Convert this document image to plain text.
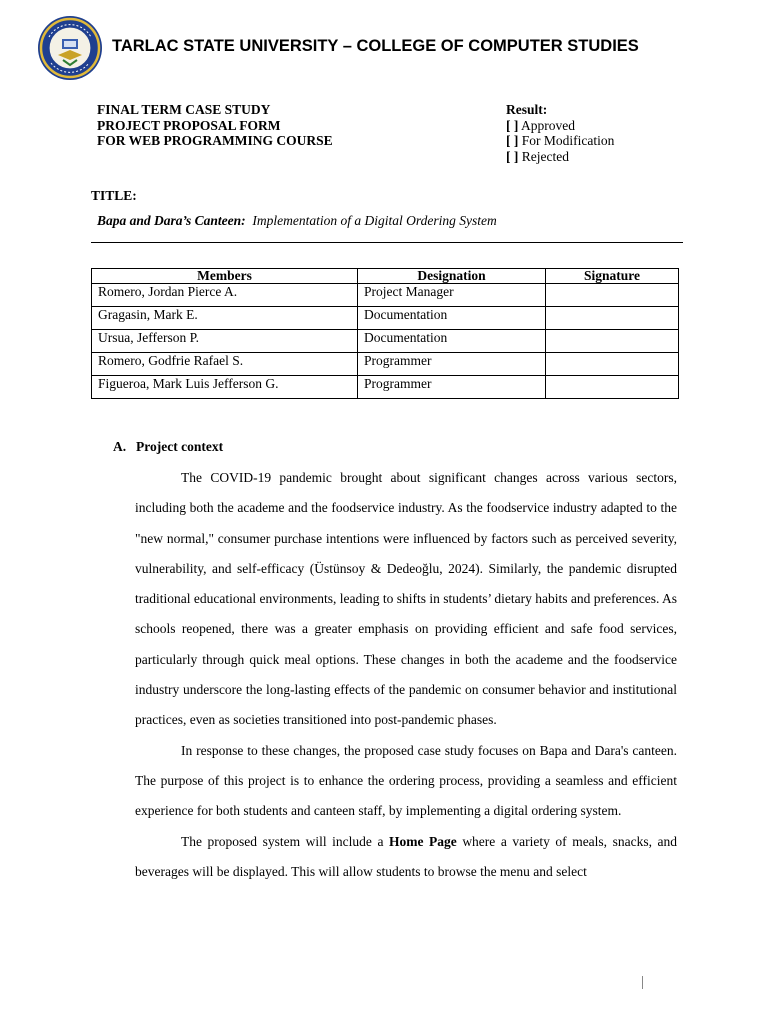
TARLAC STATE UNIVERSITY – COLLEGE OF COMPUTER STUDIES
FINAL TERM CASE STUDY
PROJECT PROPOSAL FORM
FOR WEB PROGRAMMING COURSE
Result:
[ ] Approved
[ ] For Modification
[ ] Rejected
TITLE:
Bapa and Dara’s Canteen: Implementation of a Digital Ordering System
Members	Designation	Signature
Romero, Jordan Pierce A.	Project Manager	
Gragasin, Mark E.	Documentation	
Ursua, Jefferson P.	Documentation	
Romero, Godfrie Rafael S.	Programmer	
Figueroa, Mark Luis Jefferson G.	Programmer	
A. Project context

The COVID-19 pandemic brought about significant changes across various sectors, including both the academe and the foodservice industry. As the foodservice industry adapted to the "new normal," consumer purchase intentions were influenced by factors such as perceived severity, vulnerability, and self-efficacy (Üstünsoy & Dedeoğlu, 2024). Similarly, the pandemic disrupted traditional educational environments, leading to shifts in students’ dietary habits and preferences. As schools reopened, there was a greater emphasis on providing efficient and safe food services, particularly through quick meal options. These changes in both the academe and the foodservice industry underscore the long-lasting effects of the pandemic on consumer behavior and institutional practices, even as societies transitioned into post-pandemic phases.

In response to these changes, the proposed case study focuses on Bapa and Dara's canteen. The purpose of this project is to enhance the ordering process, providing a seamless and efficient experience for both students and canteen staff, by implementing a digital ordering system.

The proposed system will include a Home Page where a variety of meals, snacks, and beverages will be displayed. This will allow students to browse the menu and select
